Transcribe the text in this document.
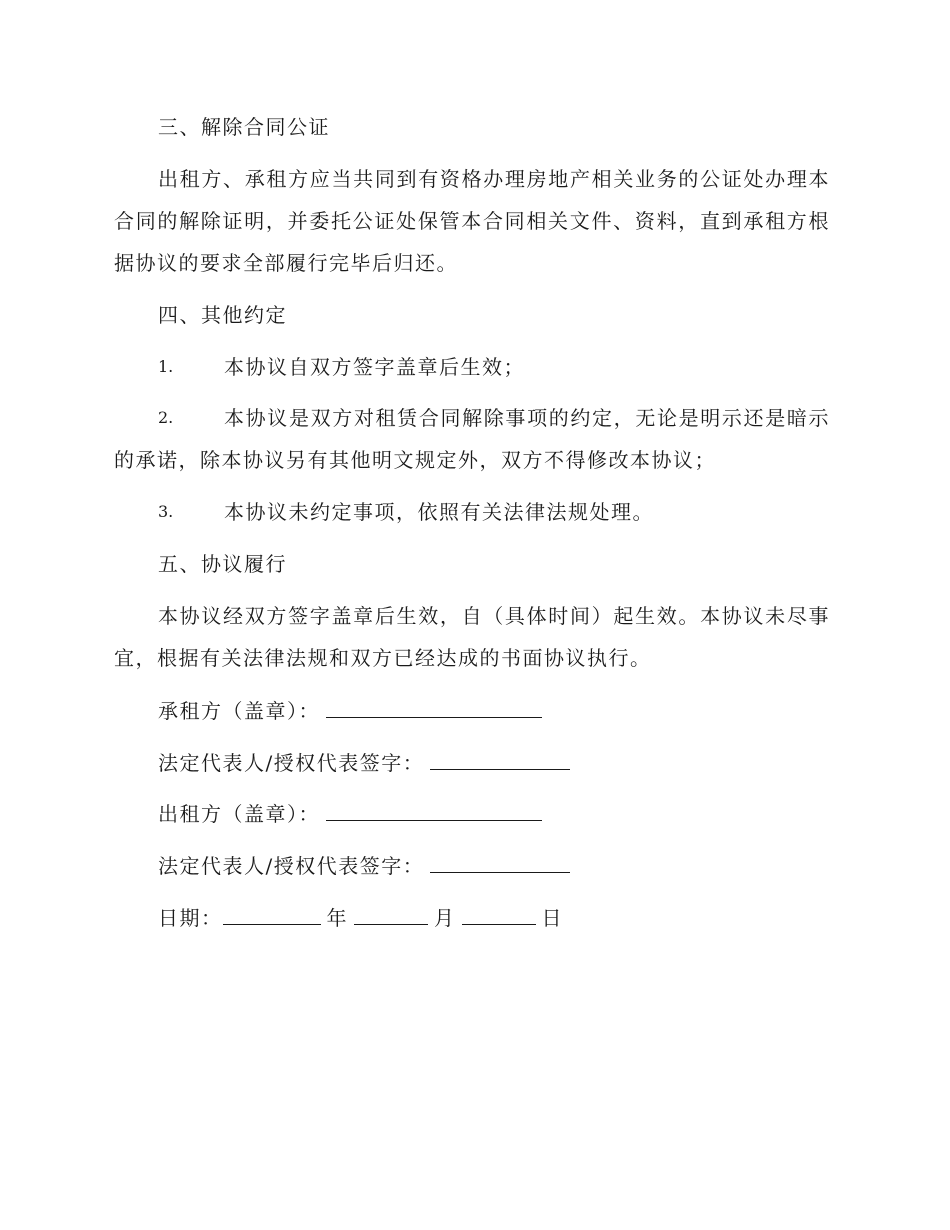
三、解除合同公证
出租方、承租方应当共同到有资格办理房地产相关业务的公证处办理本
合同的解除证明，并委托公证处保管本合同相关文件、资料，直到承租方根
据协议的要求全部履行完毕后归还。
四、其他约定
1.	本协议自双方签字盖章后生效；
2.	本协议是双方对租赁合同解除事项的约定，无论是明示还是暗示
的承诺，除本协议另有其他明文规定外，双方不得修改本协议；
3.	本协议未约定事项，依照有关法律法规处理。
五、协议履行
本协议经双方签字盖章后生效，自（具体时间）起生效。本协议未尽事
宜，根据有关法律法规和双方已经达成的书面协议执行。
承租方（盖章）：
法定代表人/授权代表签字：
出租方（盖章）：
法定代表人/授权代表签字：
日期：	年	月	日
